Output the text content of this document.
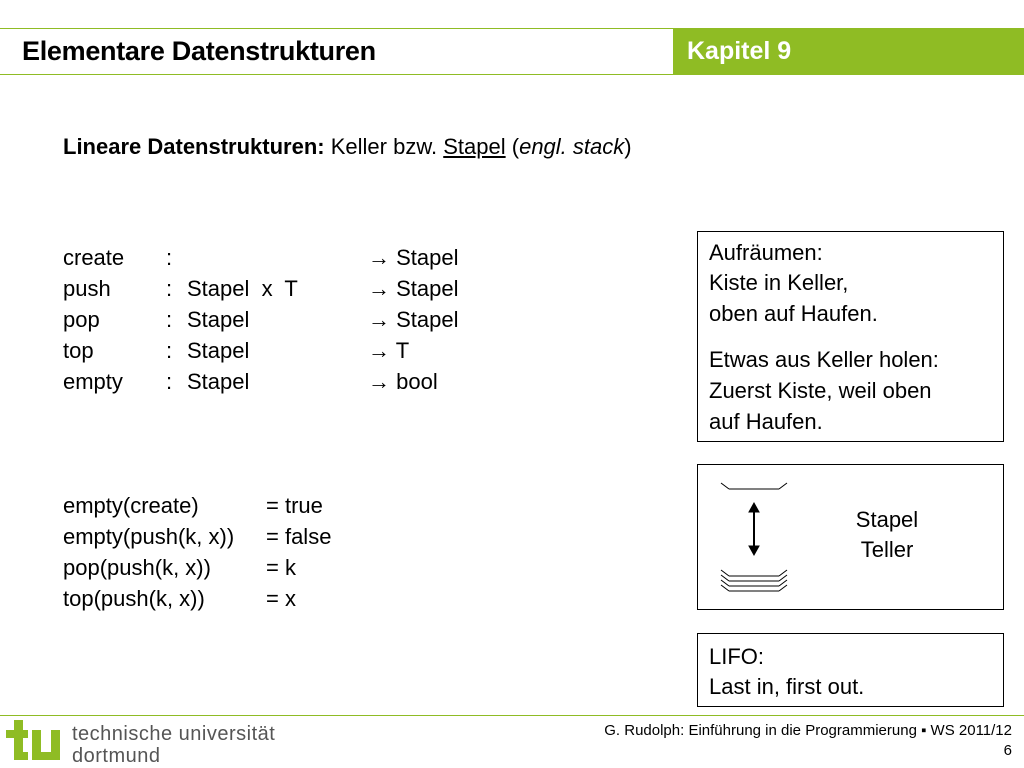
Elementare Datenstrukturen	Kapitel 9
Lineare Datenstrukturen: Keller bzw. Stapel (engl. stack)
create :	→ Stapel
push	: Stapel  x  T	→ Stapel
pop	: Stapel	→ Stapel
top	: Stapel	→ T
empty : Stapel	→ bool
empty(create)	= true
empty(push(k, x)) = false
pop(push(k, x))	= k
top(push(k, x))	= x
Aufräumen:
Kiste in Keller,
oben auf Haufen.
Etwas aus Keller holen:
Zuerst Kiste, weil oben
auf Haufen.
Stapel
Teller
LIFO:
Last in, first out.
technische universität
dortmund
G. Rudolph: Einführung in die Programmierung ▪ WS 2011/12
6
